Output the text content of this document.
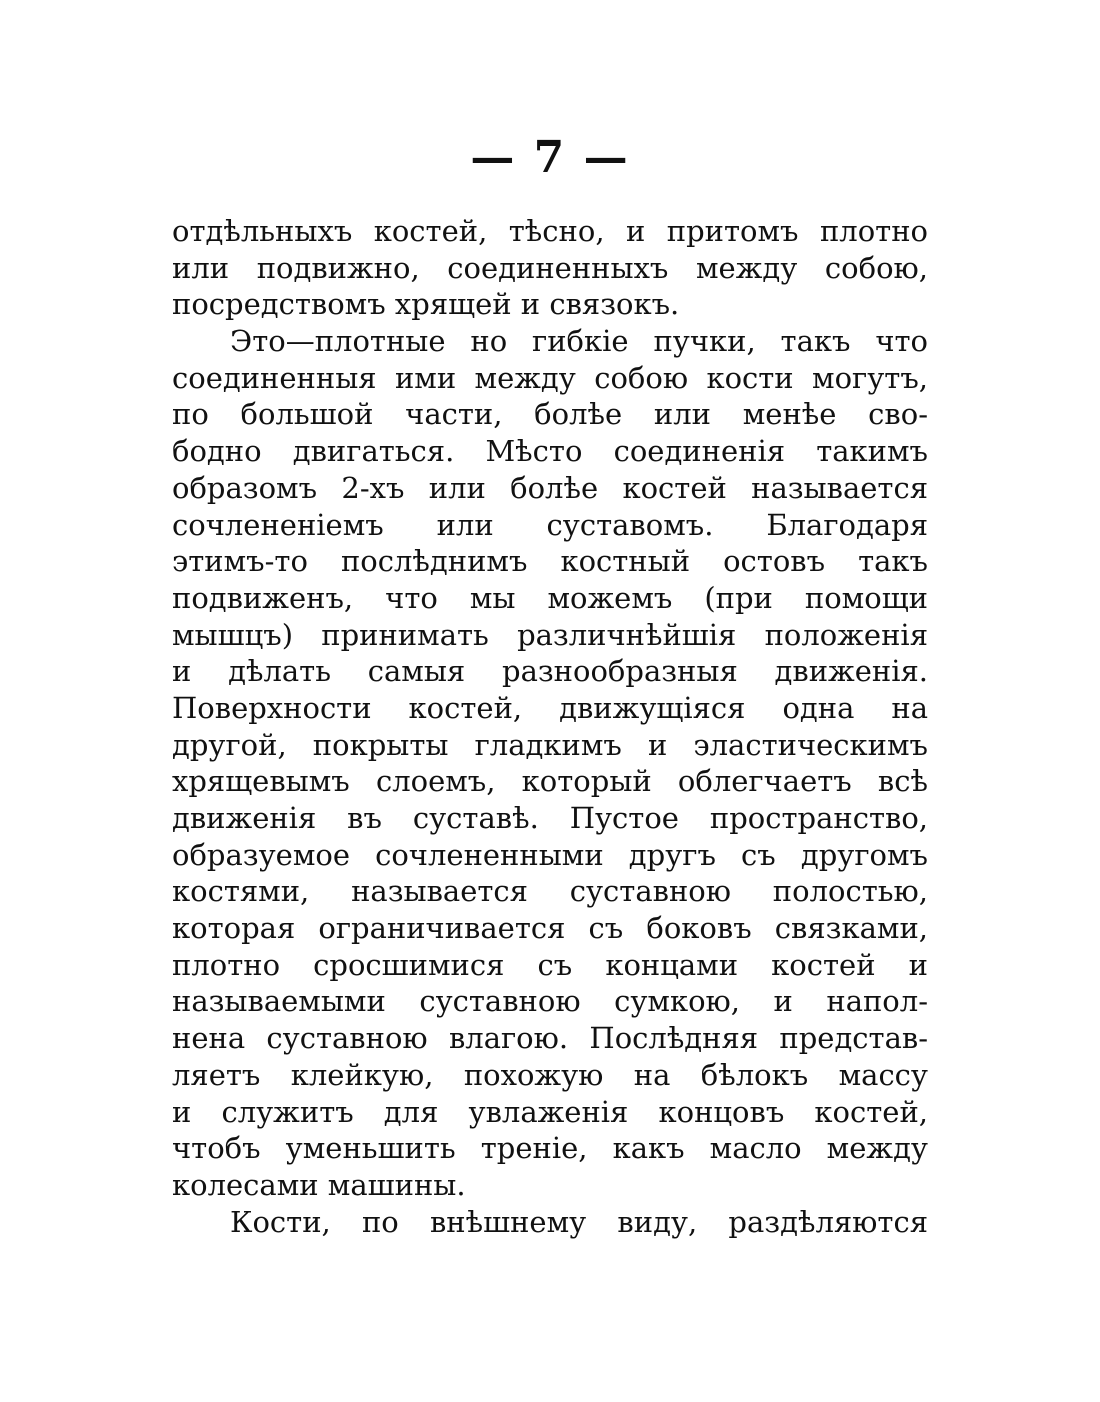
— 7 —
отдѣльныхъ костей, тѣсно, и притомъ плотно
или подвижно, соединенныхъ между собою,
посредствомъ хрящей и связокъ.
Это—плотные но гибкіе пучки, такъ что
соединенныя ими между собою кости могутъ,
по большой части, болѣе или менѣе сво-
бодно двигаться. Мѣсто соединенія такимъ
образомъ 2-хъ или болѣе костей называется
сочлененіемъ или суставомъ. Благодаря
этимъ-то послѣднимъ костный остовъ такъ
подвиженъ, что мы можемъ (при помощи
мышцъ) принимать различнѣйшія положенія
и дѣлать самыя разнообразныя движенія.
Поверхности костей, движущіяся одна на
другой, покрыты гладкимъ и эластическимъ
хрящевымъ слоемъ, который облегчаетъ всѣ
движенія въ суставѣ. Пустое пространство,
образуемое сочлененными другъ съ другомъ
костями, называется суставною полостью,
которая ограничивается съ боковъ связками,
плотно сросшимися съ концами костей и
называемыми суставною сумкою, и напол-
нена суставною влагою. Послѣдняя представ-
ляетъ клейкую, похожую на бѣлокъ массу
и служитъ для увлаженія концовъ костей,
чтобъ уменьшить треніе, какъ масло между
колесами машины.
Кости, по внѣшнему виду, раздѣляются
